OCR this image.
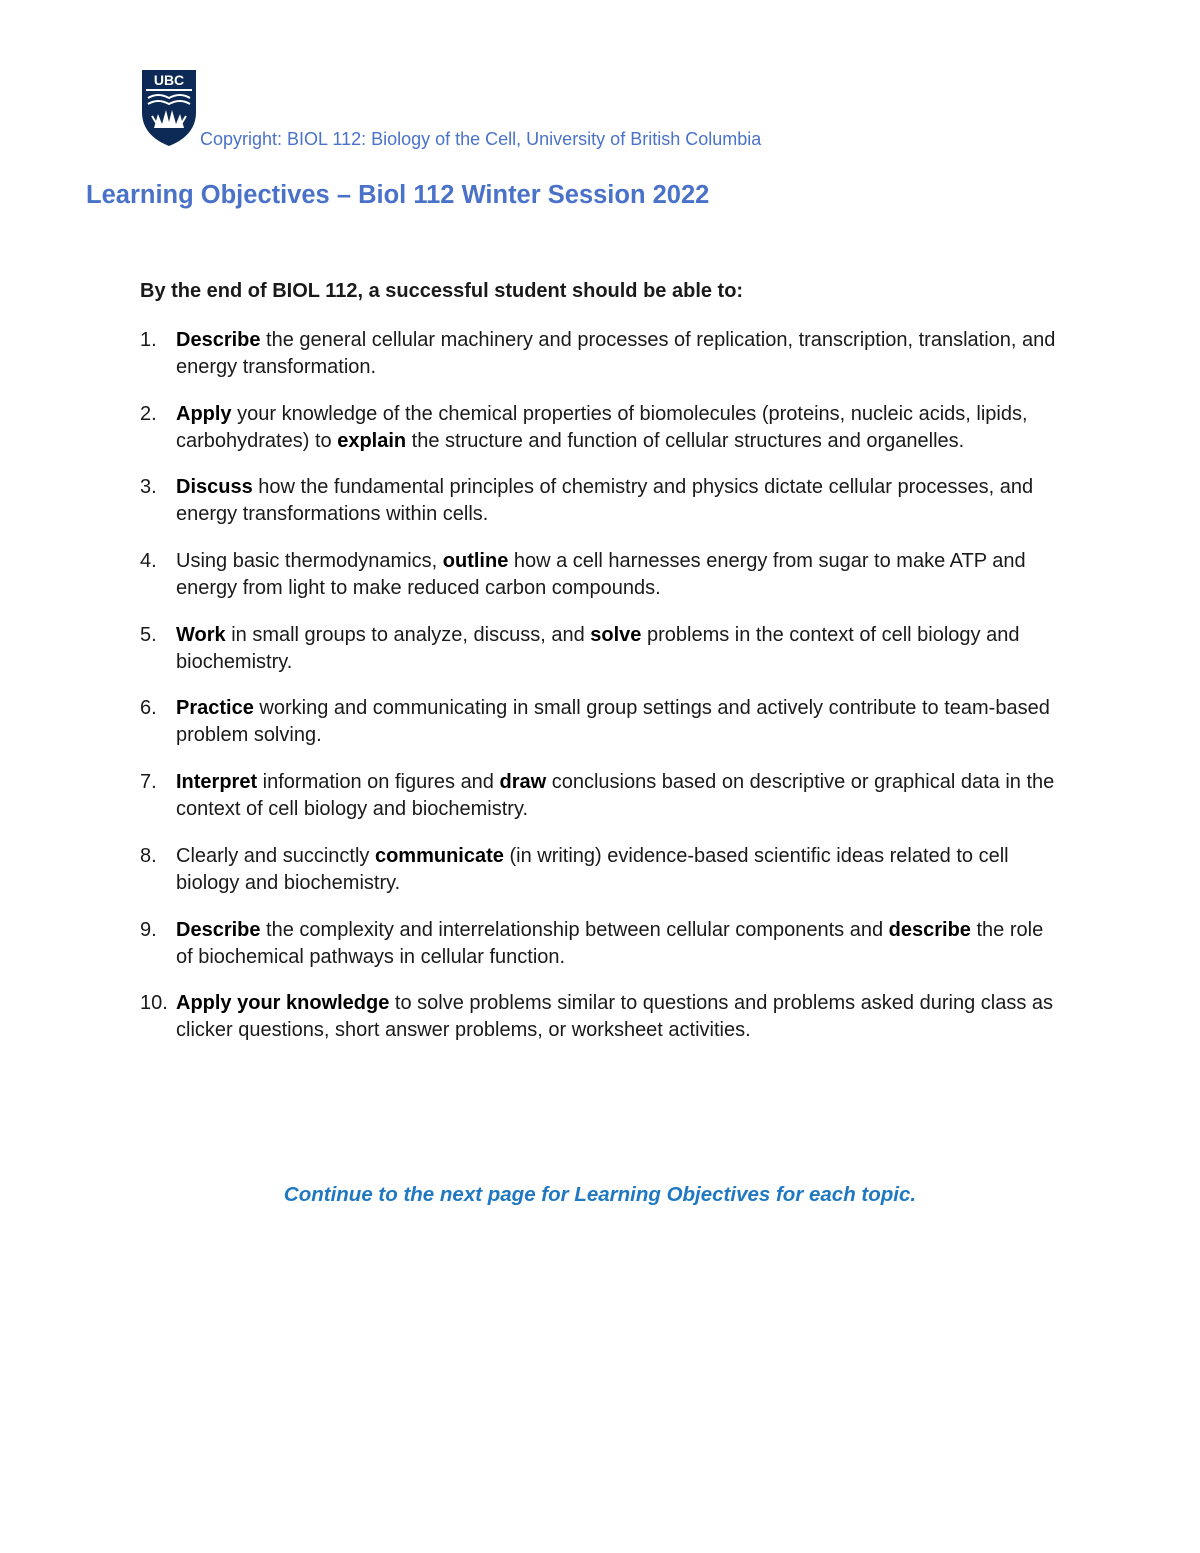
UBC
Copyright: BIOL 112: Biology of the Cell, University of British Columbia
Learning Objectives – Biol 112 Winter Session 2022

By the end of BIOL 112, a successful student should be able to:

1. Describe the general cellular machinery and processes of replication, transcription, translation, and energy transformation.
2. Apply your knowledge of the chemical properties of biomolecules (proteins, nucleic acids, lipids, carbohydrates) to explain the structure and function of cellular structures and organelles.
3. Discuss how the fundamental principles of chemistry and physics dictate cellular processes, and energy transformations within cells.
4. Using basic thermodynamics, outline how a cell harnesses energy from sugar to make ATP and energy from light to make reduced carbon compounds.
5. Work in small groups to analyze, discuss, and solve problems in the context of cell biology and biochemistry.
6. Practice working and communicating in small group settings and actively contribute to team-based problem solving.
7. Interpret information on figures and draw conclusions based on descriptive or graphical data in the context of cell biology and biochemistry.
8. Clearly and succinctly communicate (in writing) evidence-based scientific ideas related to cell biology and biochemistry.
9. Describe the complexity and interrelationship between cellular components and describe the role of biochemical pathways in cellular function.
10. Apply your knowledge to solve problems similar to questions and problems asked during class as clicker questions, short answer problems, or worksheet activities.

Continue to the next page for Learning Objectives for each topic.
